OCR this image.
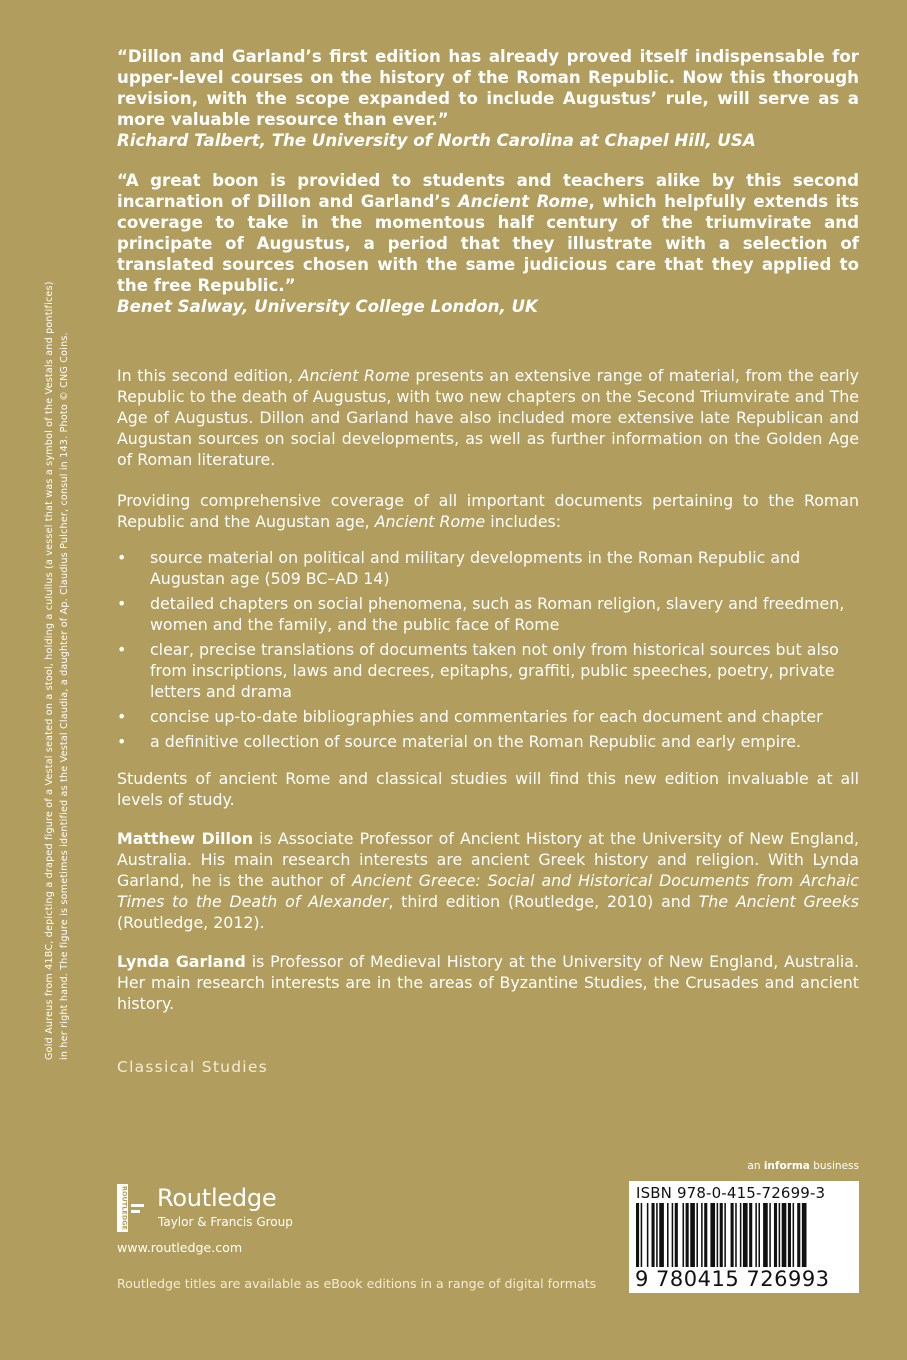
Gold Aureus from 41BC, depicting a draped figure of a Vestal seated on a stool, holding a culullus (a vessel that was a symbol of the Vestals and pontifices) in her right hand. The figure is sometimes identified as the Vestal Claudia, a daughter of Ap. Claudius Pulcher, consul in 143. Photo © CNG Coins.

“Dillon and Garland’s first edition has already proved itself indispensable for upper-level courses on the history of the Roman Republic. Now this thorough revision, with the scope expanded to include Augustus’ rule, will serve as a more valuable resource than ever.”

Richard Talbert, The University of North Carolina at Chapel Hill, USA

“A great boon is provided to students and teachers alike by this second incarnation of Dillon and Garland’s Ancient Rome, which helpfully extends its coverage to take in the momentous half century of the triumvirate and principate of Augustus, a period that they illustrate with a selection of translated sources chosen with the same judicious care that they applied to the free Republic.”

Benet Salway, University College London, UK

In this second edition, Ancient Rome presents an extensive range of material, from the early Republic to the death of Augustus, with two new chapters on the Second Triumvirate and The Age of Augustus. Dillon and Garland have also included more extensive late Republican and Augustan sources on social developments, as well as further information on the Golden Age of Roman literature.

Providing comprehensive coverage of all important documents pertaining to the Roman Republic and the Augustan age, Ancient Rome includes:

• source material on political and military developments in the Roman Republic and Augustan age (509 BC–AD 14)
• detailed chapters on social phenomena, such as Roman religion, slavery and freedmen, women and the family, and the public face of Rome
• clear, precise translations of documents taken not only from historical sources but also from inscriptions, laws and decrees, epitaphs, graffiti, public speeches, poetry, private letters and drama
• concise up-to-date bibliographies and commentaries for each document and chapter
• a definitive collection of source material on the Roman Republic and early empire.

Students of ancient Rome and classical studies will find this new edition invaluable at all levels of study.

Matthew Dillon is Associate Professor of Ancient History at the University of New England, Australia. His main research interests are ancient Greek history and religion. With Lynda Garland, he is the author of Ancient Greece: Social and Historical Documents from Archaic Times to the Death of Alexander, third edition (Routledge, 2010) and The Ancient Greeks (Routledge, 2012).

Lynda Garland is Professor of Medieval History at the University of New England, Australia. Her main research interests are in the areas of Byzantine Studies, the Crusades and ancient history.

Classical Studies

ROUTLEDGE Routledge
Taylor & Francis Group
www.routledge.com
Routledge titles are available as eBook editions in a range of digital formats
an informa business
ISBN 978-0-415-72699-3
9 780415 726993
